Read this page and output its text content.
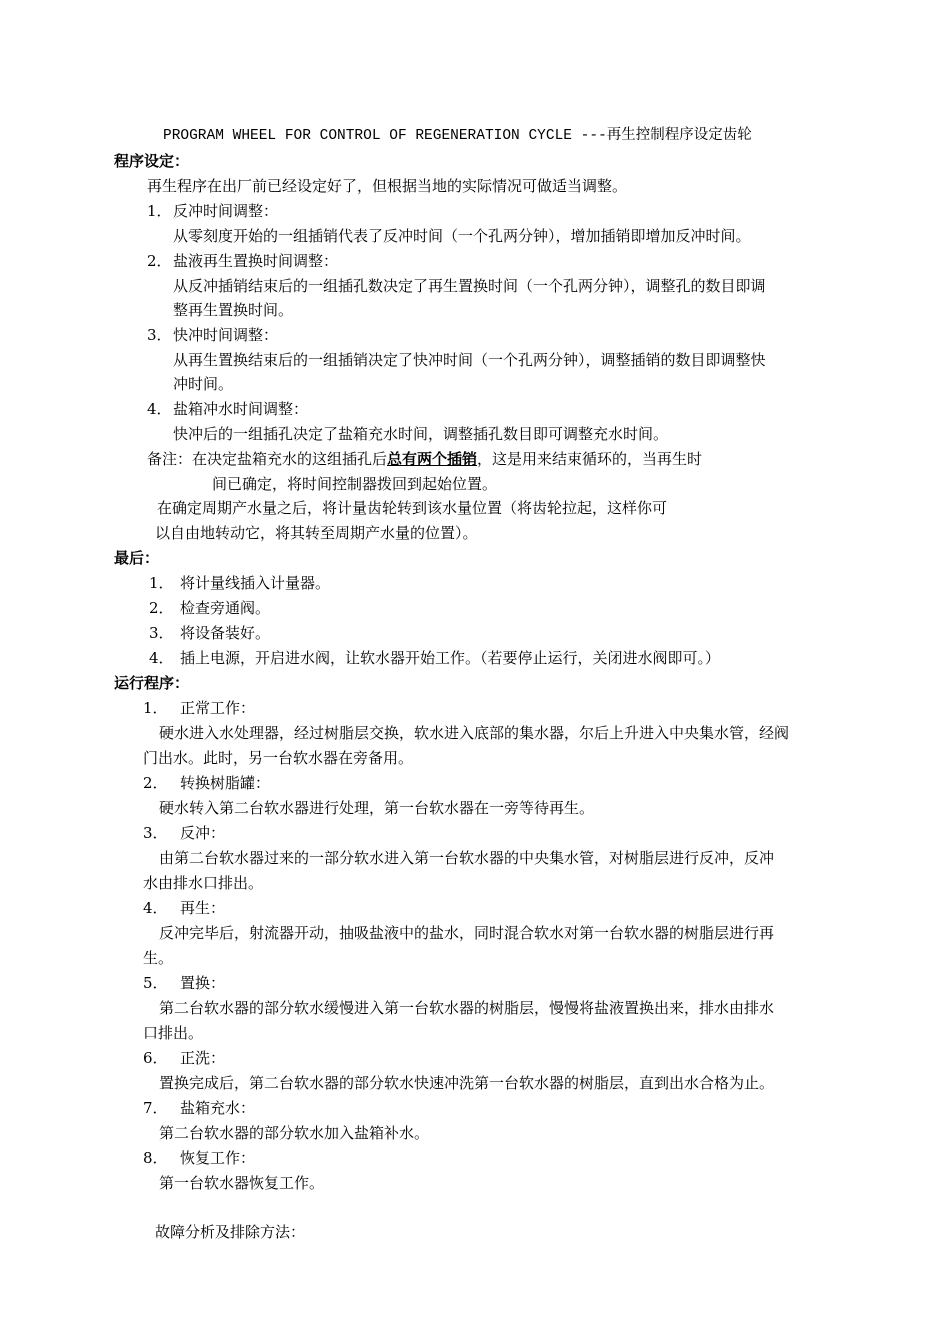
PROGRAM WHEEL FOR CONTROL OF REGENERATION CYCLE ---再生控制程序设定齿轮
程序设定：
再生程序在出厂前已经设定好了，但根据当地的实际情况可做适当调整。
1． 反冲时间调整：
从零刻度开始的一组插销代表了反冲时间（一个孔两分钟），增加插销即增加反冲时间。
2． 盐液再生置换时间调整：
从反冲插销结束后的一组插孔数决定了再生置换时间（一个孔两分钟），调整孔的数目即调
整再生置换时间。
3． 快冲时间调整：
从再生置换结束后的一组插销决定了快冲时间（一个孔两分钟），调整插销的数目即调整快
冲时间。
4． 盐箱冲水时间调整：
快冲后的一组插孔决定了盐箱充水时间，调整插孔数目即可调整充水时间。
备注：在决定盐箱充水的这组插孔后总有两个插销，这是用来结束循环的，当再生时
间已确定，将时间控制器拨回到起始位置。
在确定周期产水量之后，将计量齿轮转到该水量位置（将齿轮拉起，这样你可
以自由地转动它，将其转至周期产水量的位置）。
最后：
1． 将计量线插入计量器。
2． 检查旁通阀。
3． 将设备装好。
4． 插上电源，开启进水阀，让软水器开始工作。（若要停止运行，关闭进水阀即可。）
运行程序：
1． 正常工作：
硬水进入水处理器，经过树脂层交换，软水进入底部的集水器，尔后上升进入中央集水管，经阀
门出水。此时，另一台软水器在旁备用。
2． 转换树脂罐：
硬水转入第二台软水器进行处理，第一台软水器在一旁等待再生。
3． 反冲：
由第二台软水器过来的一部分软水进入第一台软水器的中央集水管，对树脂层进行反冲，反冲
水由排水口排出。
4． 再生：
反冲完毕后，射流器开动，抽吸盐液中的盐水，同时混合软水对第一台软水器的树脂层进行再
生。
5． 置换：
第二台软水器的部分软水缓慢进入第一台软水器的树脂层，慢慢将盐液置换出来，排水由排水
口排出。
6． 正洗：
置换完成后，第二台软水器的部分软水快速冲洗第一台软水器的树脂层，直到出水合格为止。
7． 盐箱充水：
第二台软水器的部分软水加入盐箱补水。
8． 恢复工作：
第一台软水器恢复工作。
故障分析及排除方法：
